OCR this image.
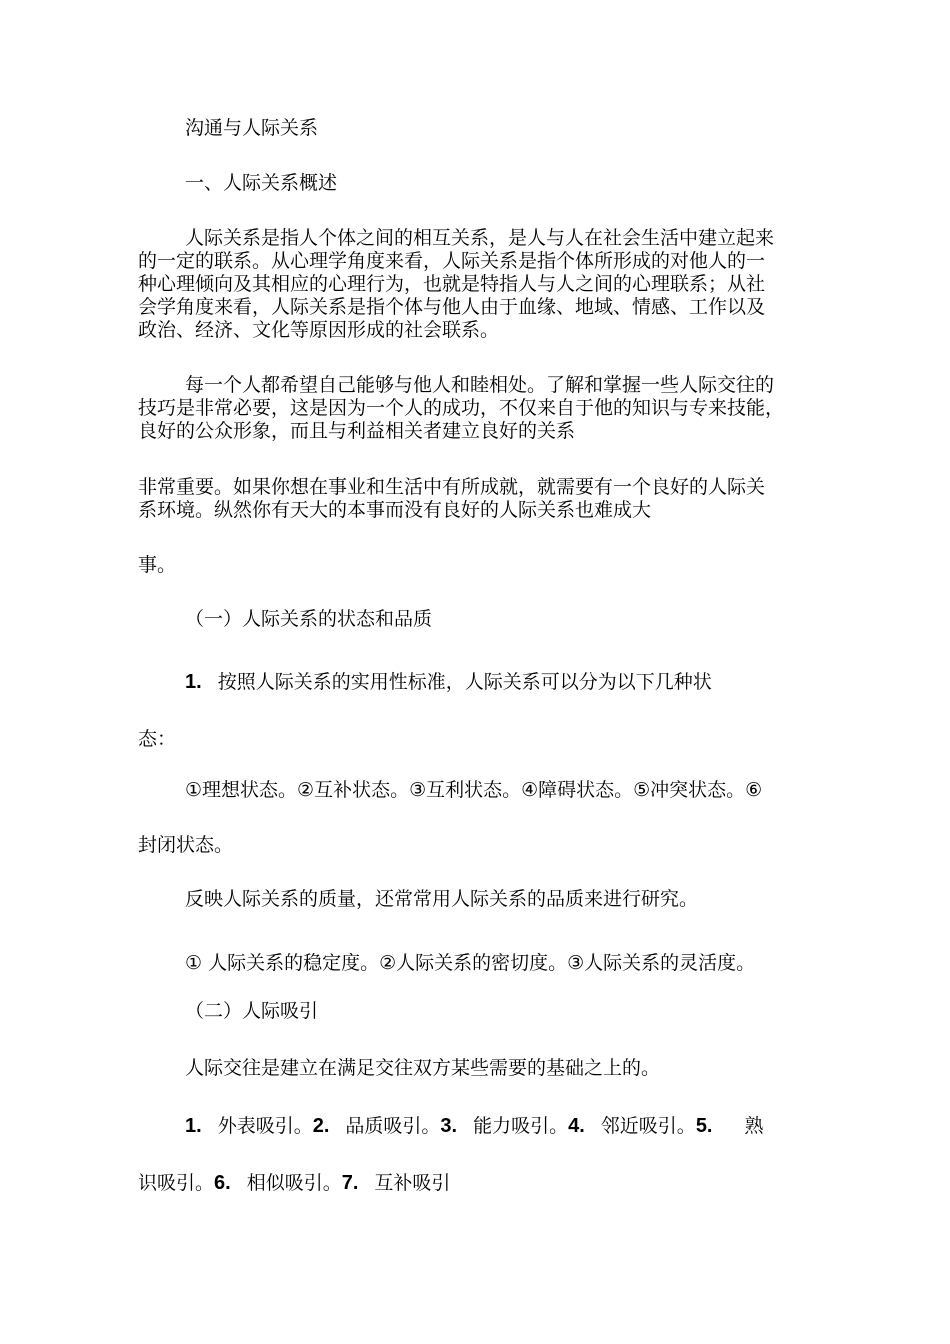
沟通与人际关系
一、人际关系概述
人际关系是指人个体之间的相互关系，是人与人在社会生活中建立起来
的一定的联系。从心理学角度来看，人际关系是指个体所形成的对他人的一
种心理倾向及其相应的心理行为，也就是特指人与人之间的心理联系；从社
会学角度来看，人际关系是指个体与他人由于血缘、地域、情感、工作以及
政治、经济、文化等原因形成的社会联系。
每一个人都希望自己能够与他人和睦相处。了解和掌握一些人际交往的
技巧是非常必要，这是因为一个人的成功，不仅来自于他的知识与专来技能，
良好的公众形象，而且与利益相关者建立良好的关系
非常重要。如果你想在事业和生活中有所成就，就需要有一个良好的人际关
系环境。纵然你有天大的本事而没有良好的人际关系也难成大
事。
（一）人际关系的状态和品质
1. 按照人际关系的实用性标准，人际关系可以分为以下几种状
态：
①理想状态。②互补状态。③互利状态。④障碍状态。⑤冲突状态。⑥
封闭状态。
反映人际关系的质量，还常常用人际关系的品质来进行研究。
① 人际关系的稳定度。②人际关系的密切度。③人际关系的灵活度。
（二）人际吸引
人际交往是建立在满足交往双方某些需要的基础之上的。
1. 外表吸引。2. 品质吸引。3. 能力吸引。4. 邻近吸引。5. 熟
识吸引。6. 相似吸引。7. 互补吸引
